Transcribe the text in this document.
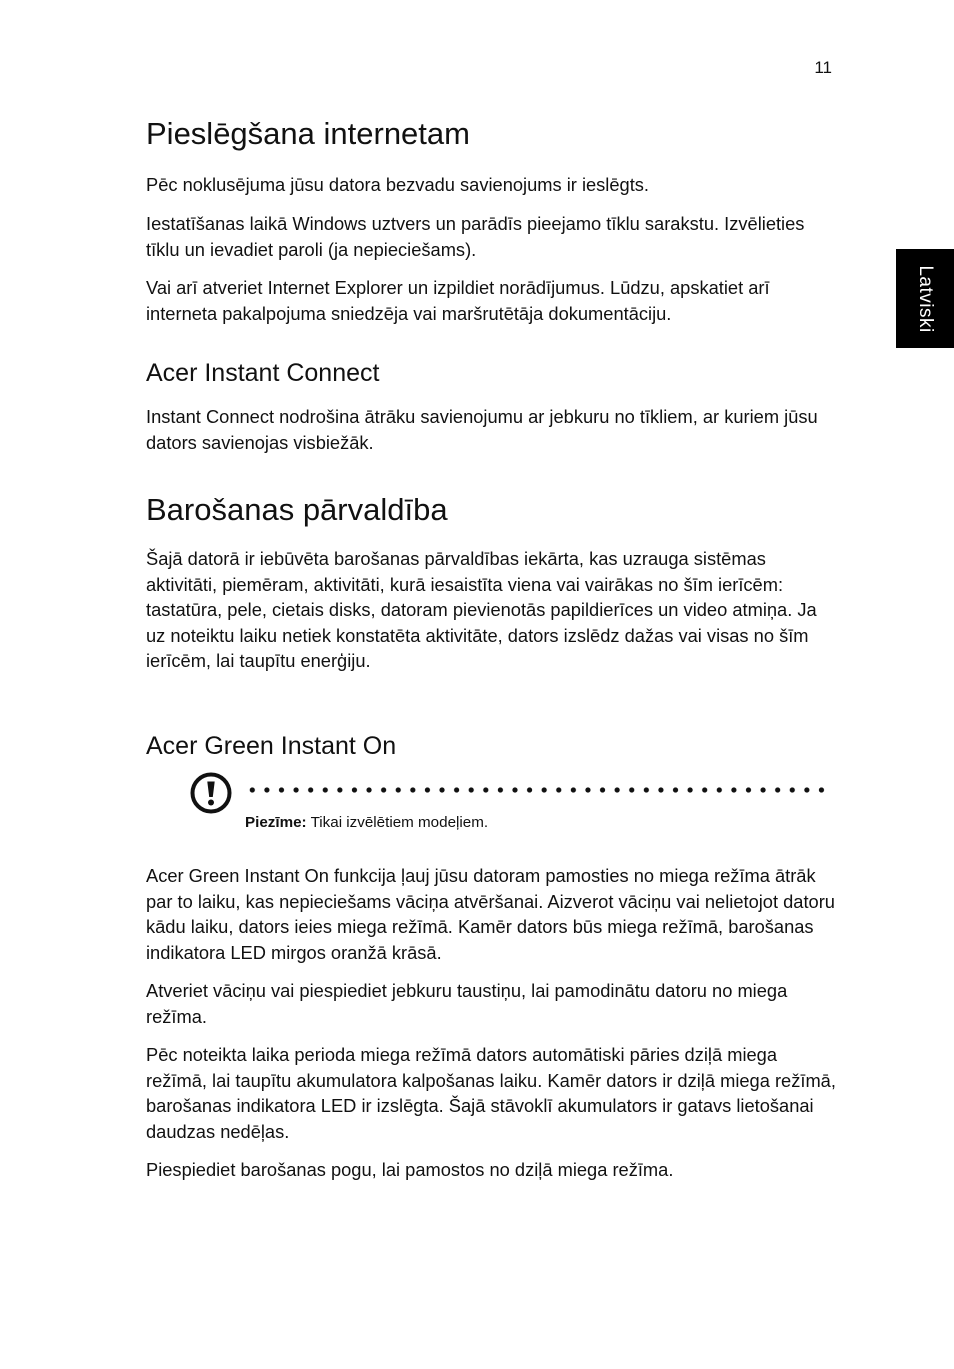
11
Latviski
Pieslēgšana internetam

Pēc noklusējuma jūsu datora bezvadu savienojums ir ieslēgts.

Iestatīšanas laikā Windows uztvers un parādīs pieejamo tīklu sarakstu. Izvēlieties tīklu un ievadiet paroli (ja nepieciešams).

Vai arī atveriet Internet Explorer un izpildiet norādījumus. Lūdzu, apskatiet arī interneta pakalpojuma sniedzēja vai maršrutētāja dokumentāciju.

Acer Instant Connect

Instant Connect nodrošina ātrāku savienojumu ar jebkuru no tīkliem, ar kuriem jūsu dators savienojas visbiežāk.

Barošanas pārvaldība

Šajā datorā ir iebūvēta barošanas pārvaldības iekārta, kas uzrauga sistēmas aktivitāti, piemēram, aktivitāti, kurā iesaistīta viena vai vairākas no šīm ierīcēm: tastatūra, pele, cietais disks, datoram pievienotās papildierīces un video atmiņa. Ja uz noteiktu laiku netiek konstatēta aktivitāte, dators izslēdz dažas vai visas no šīm ierīcēm, lai taupītu enerģiju.

Acer Green Instant On

Acer Green Instant On funkcija ļauj jūsu datoram pamosties no miega režīma ātrāk par to laiku, kas nepieciešams vāciņa atvēršanai. Aizverot vāciņu vai nelietojot datoru kādu laiku, dators ieies miega režīmā. Kamēr dators būs miega režīmā, barošanas indikatora LED mirgos oranžā krāsā.

Atveriet vāciņu vai piespiediet jebkuru taustiņu, lai pamodinātu datoru no miega režīma.

Pēc noteikta laika perioda miega režīmā dators automātiski pāries dziļā miega režīmā, lai taupītu akumulatora kalpošanas laiku. Kamēr dators ir dziļā miega režīmā, barošanas indikatora LED ir izslēgta. Šajā stāvoklī akumulators ir gatavs lietošanai daudzas nedēļas.

Piespiediet barošanas pogu, lai pamostos no dziļā miega režīma.

Piezīme: Tikai izvēlētiem modeļiem.
